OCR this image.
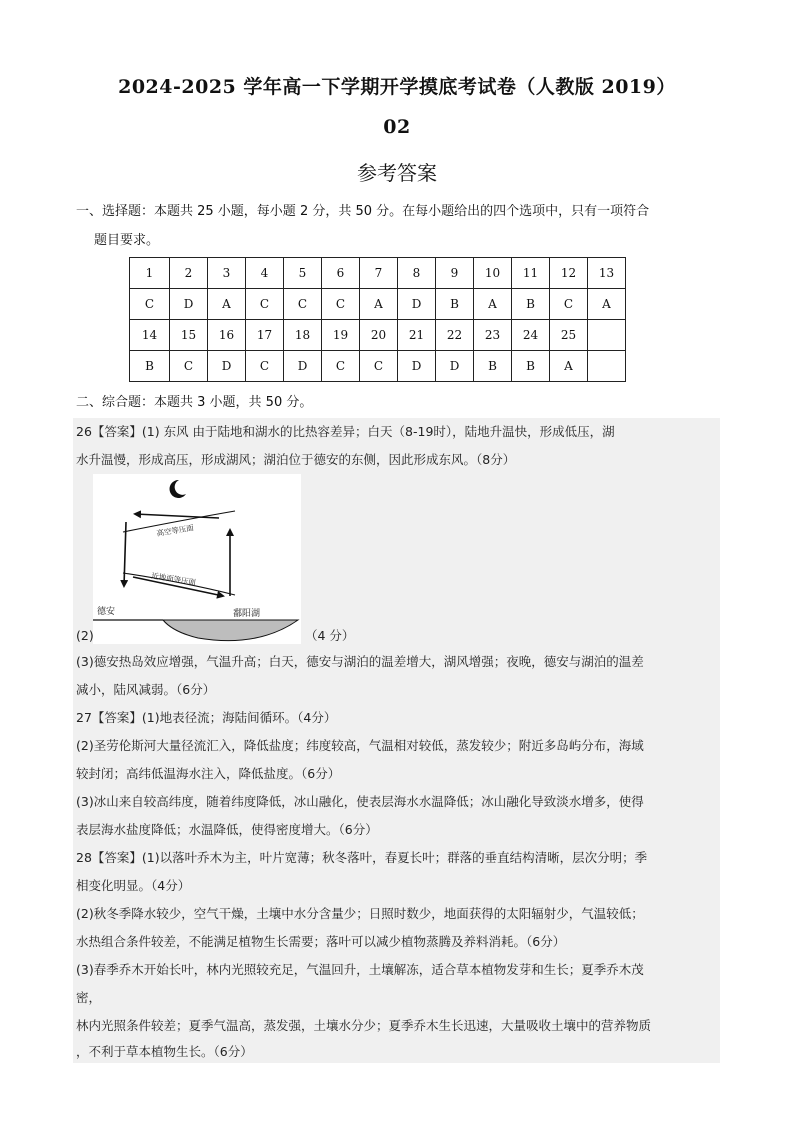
2024-2025 学年高一下学期开学摸底考试卷（人教版 2019）
02
参考答案
一、选择题：本题共 25 小题，每小题 2 分，共 50 分。在每小题给出的四个选项中，只有一项符合
题目要求。
1	2	3	4	5	6	7	8	9	10	11	12	13
C	D	A	C	C	C	A	D	B	A	B	C	A
14	15	16	17	18	19	20	21	22	23	24	25	
B	C	D	C	D	C	C	D	D	B	B	A	
二、综合题：本题共 3 小题，共 50 分。
26【答案】(1) 东风 由于陆地和湖水的比热容差异；白天（8-19时），陆地升温快，形成低压，湖
水升温慢，形成高压，形成湖风；湖泊位于德安的东侧，因此形成东风。（8分）
高空等压面
近地面等压面
德安	鄱阳湖
(2)	（4 分）
(3)德安热岛效应增强，气温升高；白天，德安与湖泊的温差增大，湖风增强；夜晚，德安与湖泊的温差
减小，陆风减弱。（6分）
27【答案】(1)地表径流；海陆间循环。（4分）
(2)圣劳伦斯河大量径流汇入，降低盐度；纬度较高，气温相对较低，蒸发较少；附近多岛屿分布，海域
较封闭；高纬低温海水注入，降低盐度。（6分）
(3)冰山来自较高纬度，随着纬度降低，冰山融化，使表层海水水温降低；冰山融化导致淡水增多，使得
表层海水盐度降低；水温降低，使得密度增大。（6分）
28【答案】(1)以落叶乔木为主，叶片宽薄；秋冬落叶，春夏长叶；群落的垂直结构清晰，层次分明；季
相变化明显。（4分）
(2)秋冬季降水较少，空气干燥，土壤中水分含量少；日照时数少，地面获得的太阳辐射少，气温较低；
水热组合条件较差，不能满足植物生长需要；落叶可以减少植物蒸腾及养料消耗。（6分）
(3)春季乔木开始长叶，林内光照较充足，气温回升，土壤解冻，适合草本植物发芽和生长；夏季乔木茂
密，
林内光照条件较差；夏季气温高，蒸发强，土壤水分少；夏季乔木生长迅速，大量吸收土壤中的营养物质
，不利于草本植物生长。（6分）
